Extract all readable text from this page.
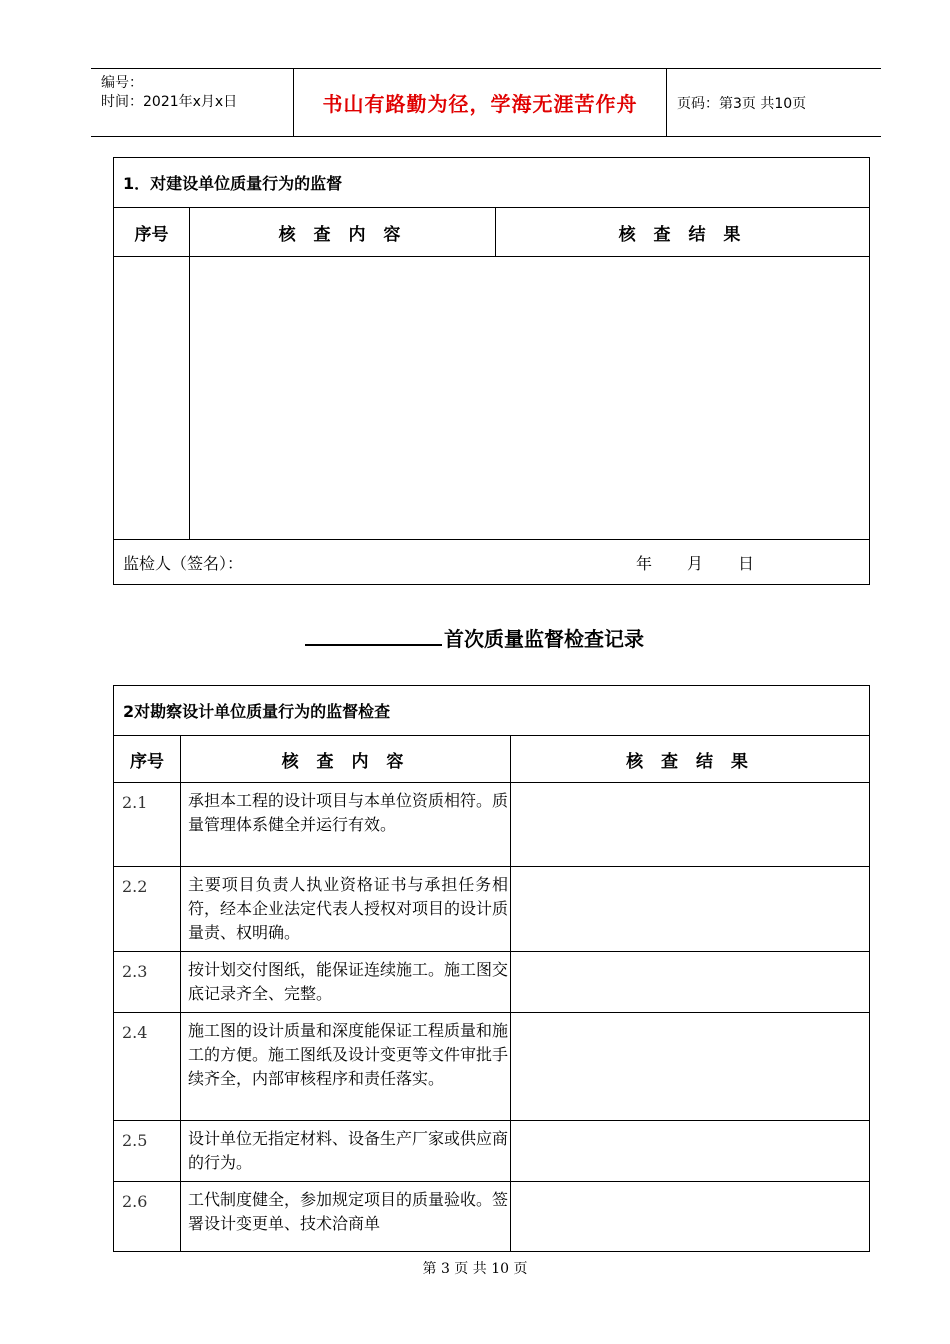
编号：
时间：2021年x月x日	书山有路勤为径，学海无涯苦作舟	页码：第3页 共10页
1．对建设单位质量行为的监督		
序号	核 查 内 容	核 查 结 果

监检人（签名）： 年　　月　　日		
首次质量监督检查记录
2对勘察设计单位质量行为的监督检查		
序号	核 查 内 容	核 查 结 果
2.1	承担本工程的设计项目与本单位资质相符。质量管理体系健全并运行有效。	
2.2	主要项目负责人执业资格证书与承担任务相符，经本企业法定代表人授权对项目的设计质量责、权明确。	
2.3	按计划交付图纸，能保证连续施工。施工图交底记录齐全、完整。	
2.4	施工图的设计质量和深度能保证工程质量和施工的方便。施工图纸及设计变更等文件审批手续齐全，内部审核程序和责任落实。	
2.5	设计单位无指定材料、设备生产厂家或供应商的行为。	
2.6	工代制度健全，参加规定项目的质量验收。签署设计变更单、技术洽商单	
第 3 页 共 10 页
